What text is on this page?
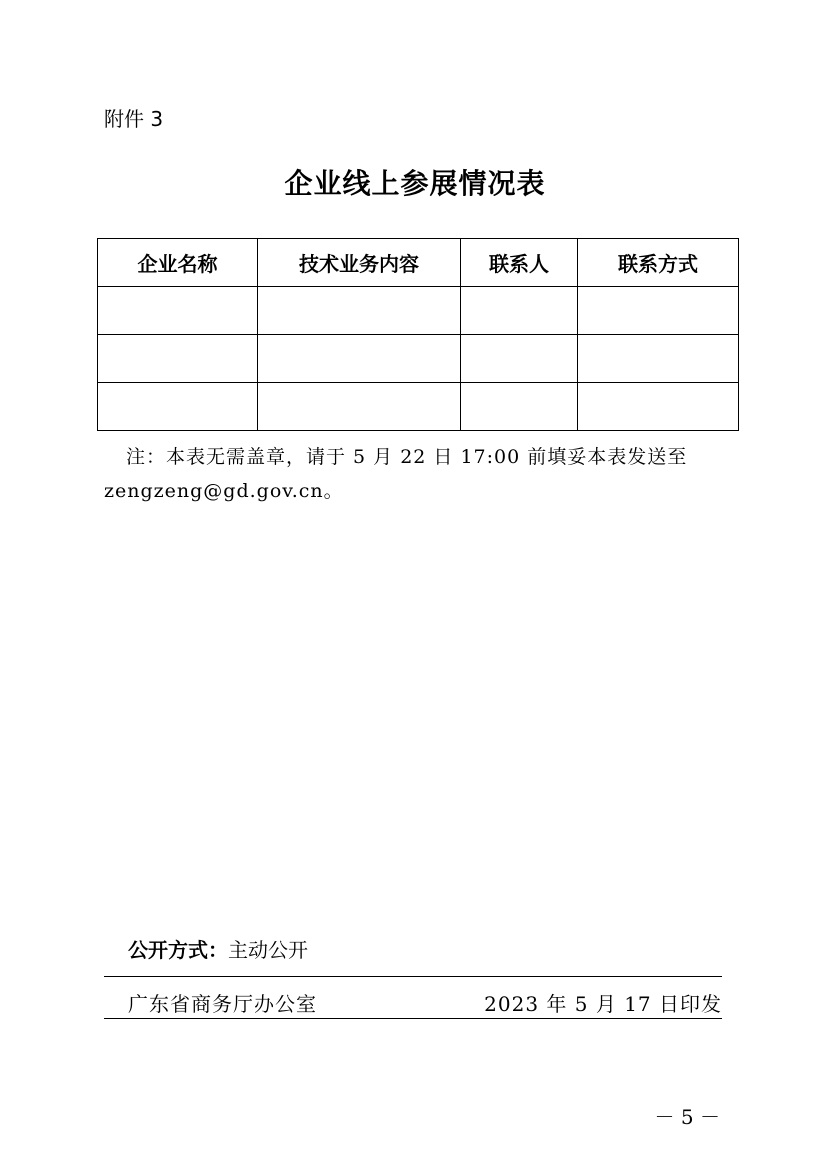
附件 3
企业线上参展情况表
企业名称	技术业务内容	联系人	联系方式

注：本表无需盖章，请于 5 月 22 日 17:00 前填妥本表发送至
zengzeng@gd.gov.cn。
公开方式：主动公开
广东省商务厅办公室	2023 年 5 月 17 日印发
－ 5 －
